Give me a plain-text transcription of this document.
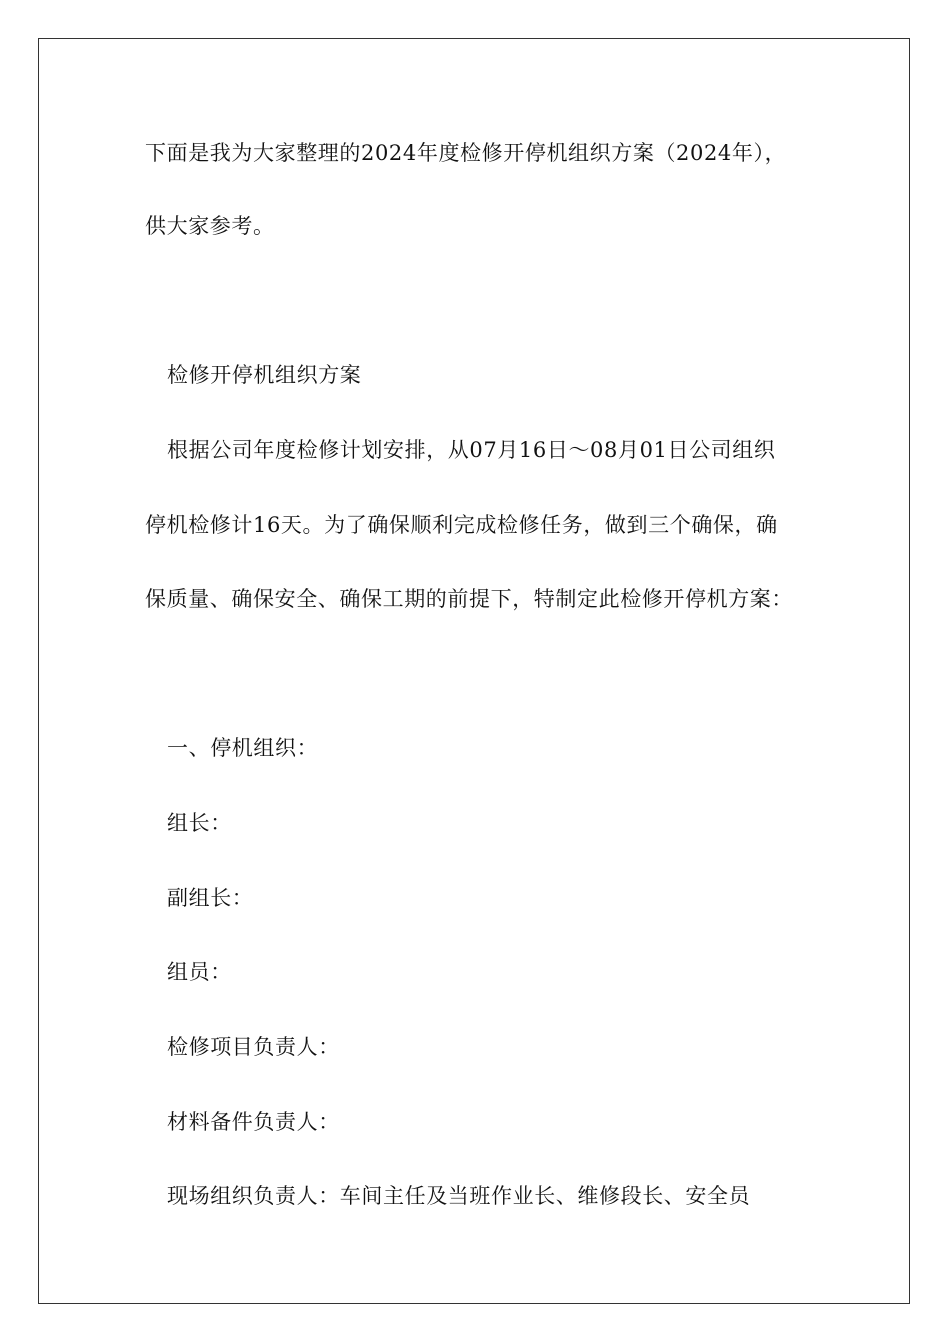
下面是我为大家整理的2024年度检修开停机组织方案（2024年），
供大家参考。
检修开停机组织方案
根据公司年度检修计划安排，从07月16日～08月01日公司组织
停机检修计16天。为了确保顺利完成检修任务，做到三个确保，确
保质量、确保安全、确保工期的前提下，特制定此检修开停机方案：
一、停机组织：
组长：
副组长：
组员：
检修项目负责人：
材料备件负责人：
现场组织负责人：车间主任及当班作业长、维修段长、安全员
